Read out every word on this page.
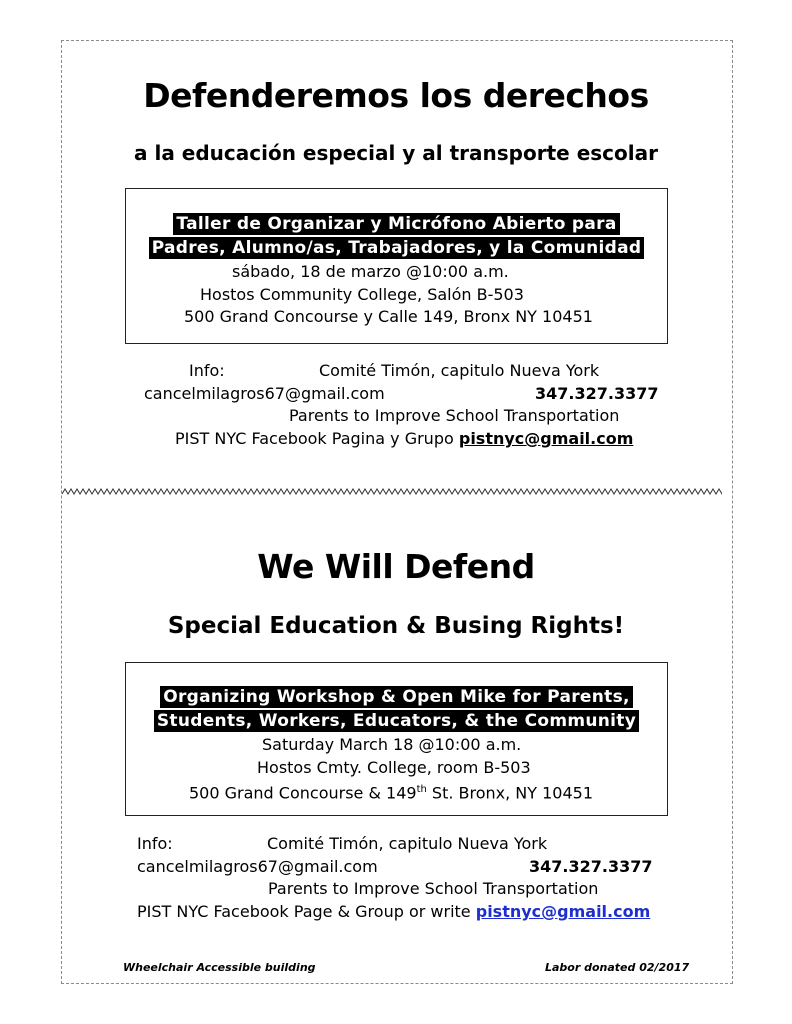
Defenderemos los derechos
a la educación especial y al transporte escolar
Taller de Organizar y Micrófono Abierto para
Padres, Alumno/as, Trabajadores, y la Comunidad
sábado, 18 de marzo @10:00 a.m.
Hostos Community College, Salón B-503
500 Grand Concourse y Calle 149, Bronx NY 10451
Info:	Comité Timón, capitulo Nueva York
cancelmilagros67@gmail.com	347.327.3377
Parents to Improve School Transportation
PIST NYC Facebook Pagina y Grupo pistnyc@gmail.com
We Will Defend
Special Education & Busing Rights!
Organizing Workshop & Open Mike for Parents,
Students, Workers, Educators, & the Community
Saturday March 18 @10:00 a.m.
Hostos Cmty. College, room B-503
500 Grand Concourse & 149th St. Bronx, NY 10451
Info:	Comité Timón, capitulo Nueva York
cancelmilagros67@gmail.com	347.327.3377
Parents to Improve School Transportation
PIST NYC Facebook Page & Group or write pistnyc@gmail.com
Wheelchair Accessible building	Labor donated 02/2017
